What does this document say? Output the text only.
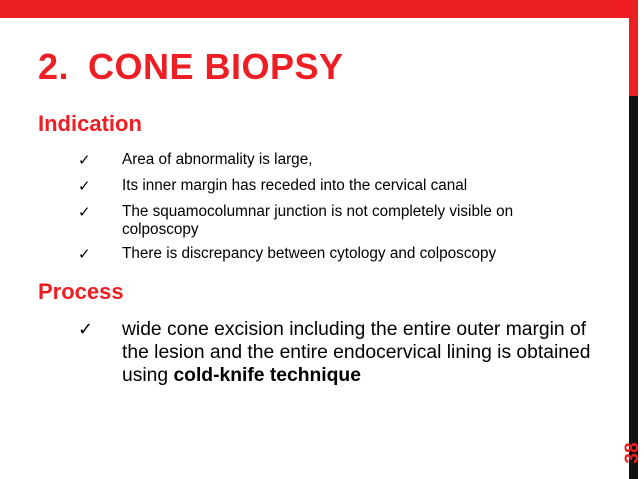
2. CONE BIOPSY
Indication
✓ Area of abnormality is large,
✓ Its inner margin has receded into the cervical canal
✓ The squamocolumnar junction is not completely visible on colposcopy
✓ There is discrepancy between cytology and colposcopy
Process
✓ wide cone excision including the entire outer margin of the lesion and the entire endocervical lining is obtained using cold-knife technique
38
